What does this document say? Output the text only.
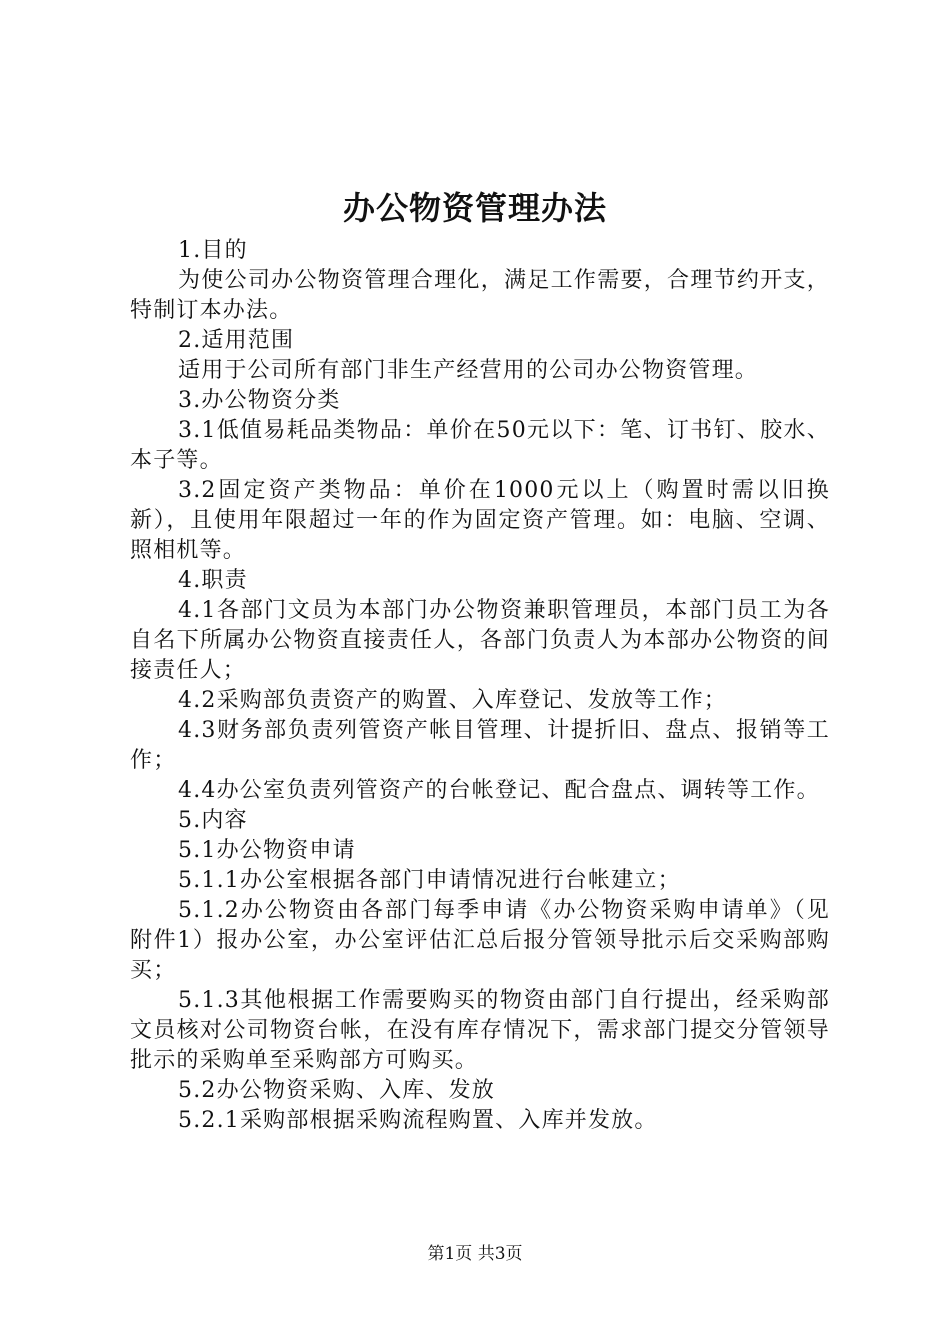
办公物资管理办法

1.目的

为使公司办公物资管理合理化，满足工作需要，合理节约开支，特制订本办法。

2.适用范围

适用于公司所有部门非生产经营用的公司办公物资管理。

3.办公物资分类

3.1低值易耗品类物品：单价在50元以下：笔、订书钉、胶水、本子等。

3.2固定资产类物品：单价在1000元以上（购置时需以旧换新），且使用年限超过一年的作为固定资产管理。如：电脑、空调、照相机等。

4.职责

4.1各部门文员为本部门办公物资兼职管理员，本部门员工为各自名下所属办公物资直接责任人，各部门负责人为本部办公物资的间接责任人；

4.2采购部负责资产的购置、入库登记、发放等工作；

4.3财务部负责列管资产帐目管理、计提折旧、盘点、报销等工作；

4.4办公室负责列管资产的台帐登记、配合盘点、调转等工作。

5.内容

5.1办公物资申请

5.1.1办公室根据各部门申请情况进行台帐建立；

5.1.2办公物资由各部门每季申请《办公物资采购申请单》（见附件1）报办公室，办公室评估汇总后报分管领导批示后交采购部购买；

5.1.3其他根据工作需要购买的物资由部门自行提出，经采购部文员核对公司物资台帐，在没有库存情况下，需求部门提交分管领导批示的采购单至采购部方可购买。

5.2办公物资采购、入库、发放

5.2.1采购部根据采购流程购置、入库并发放。

第1页 共3页
